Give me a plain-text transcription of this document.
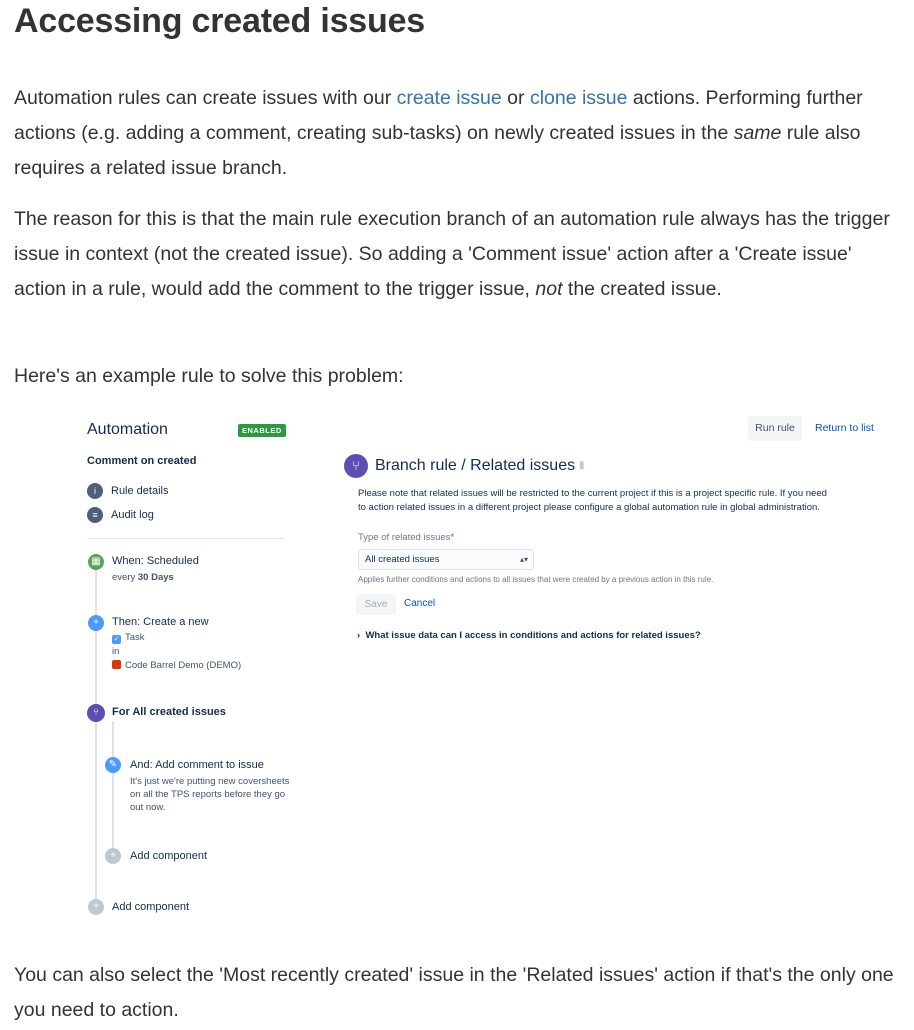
Accessing created issues

Automation rules can create issues with our create issue or clone issue actions. Performing further actions (e.g. adding a comment, creating sub-tasks) on newly created issues in the same rule also requires a related issue branch.

The reason for this is that the main rule execution branch of an automation rule always has the trigger issue in context (not the created issue). So adding a 'Comment issue' action after a 'Create issue' action in a rule, would add the comment to the trigger issue, not the created issue.

Here's an example rule to solve this problem:

Automation	ENABLED	Run rule	Return to list
Comment on created
i	Rule details
≡	Audit log
▦ When: Scheduled
every 30 Days
+	Then: Create a new
✓ Task
in
Code Barrel Demo (DEMO)
⑂	For All created issues
✎	And: Add comment to issue
It's just we're putting new coversheets on all the TPS reports before they go out now.
+	Add component
+	Add component
⑂ Branch rule / Related issues ▮
Please note that related issues will be restricted to the current project if this is a project specific rule. If you need to action related issues in a different project please configure a global automation rule in global administration.
Type of related issues*
All created issues	▴▾
Applies further conditions and actions to all issues that were created by a previous action in this rule.
Save	Cancel
› What issue data can I access in conditions and actions for related issues?

You can also select the 'Most recently created' issue in the 'Related issues' action if that's the only one you need to action.
